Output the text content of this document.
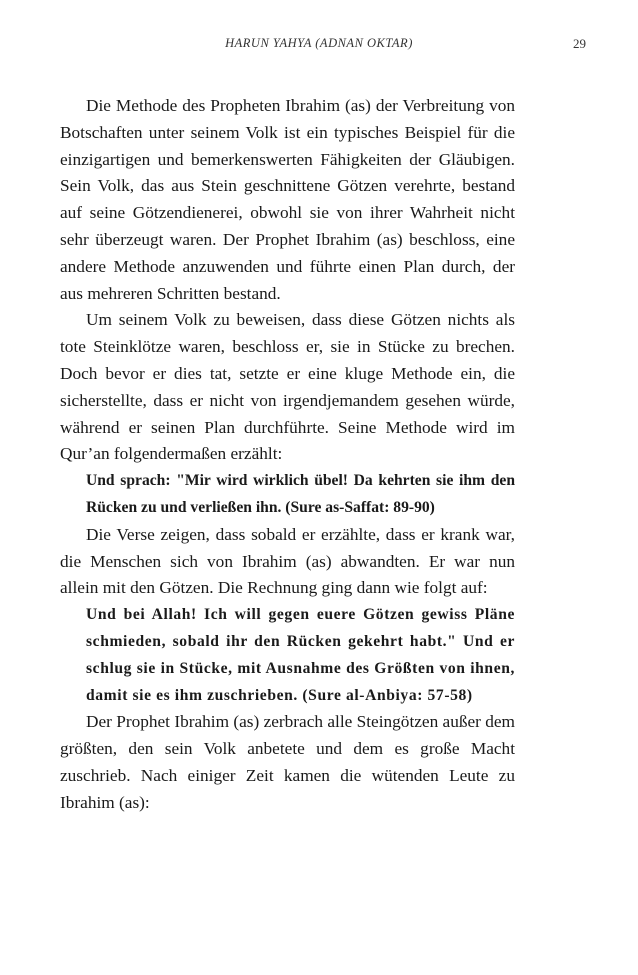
HARUN YAHYA (ADNAN OKTAR)	29

Die Methode des Propheten Ibrahim (as) der Verbreitung von Botschaften unter seinem Volk ist ein typisches Beispiel für die einzigartigen und bemerkenswerten Fähigkeiten der Gläubigen. Sein Volk, das aus Stein geschnittene Götzen verehrte, bestand auf seine Götzendienerei, obwohl sie von ihrer Wahrheit nicht sehr überzeugt waren. Der Prophet Ibrahim (as) beschloss, eine andere Methode anzuwenden und führte einen Plan durch, der aus mehreren Schritten bestand.

Um seinem Volk zu beweisen, dass diese Götzen nichts als tote Steinklötze waren, beschloss er, sie in Stücke zu brechen. Doch bevor er dies tat, setzte er eine kluge Methode ein, die sicherstellte, dass er nicht von irgendjemandem gesehen würde, während er seinen Plan durchführte. Seine Methode wird im Qur’an folgendermaßen erzählt:

Und sprach: "Mir wird wirklich übel! Da kehrten sie ihm den Rücken zu und verließen ihn. (Sure as-Saffat: 89-90)

Die Verse zeigen, dass sobald er erzählte, dass er krank war, die Menschen sich von Ibrahim (as) abwandten. Er war nun allein mit den Götzen. Die Rechnung ging dann wie folgt auf:

Und bei Allah! Ich will gegen euere Götzen gewiss Pläne schmieden, sobald ihr den Rücken gekehrt habt." Und er schlug sie in Stücke, mit Ausnahme des Größten von ihnen, damit sie es ihm zuschrieben. (Sure al-Anbiya: 57-58)

Der Prophet Ibrahim (as) zerbrach alle Steingötzen außer dem größten, den sein Volk anbetete und dem es große Macht zuschrieb. Nach einiger Zeit kamen die wütenden Leute zu Ibrahim (as):
